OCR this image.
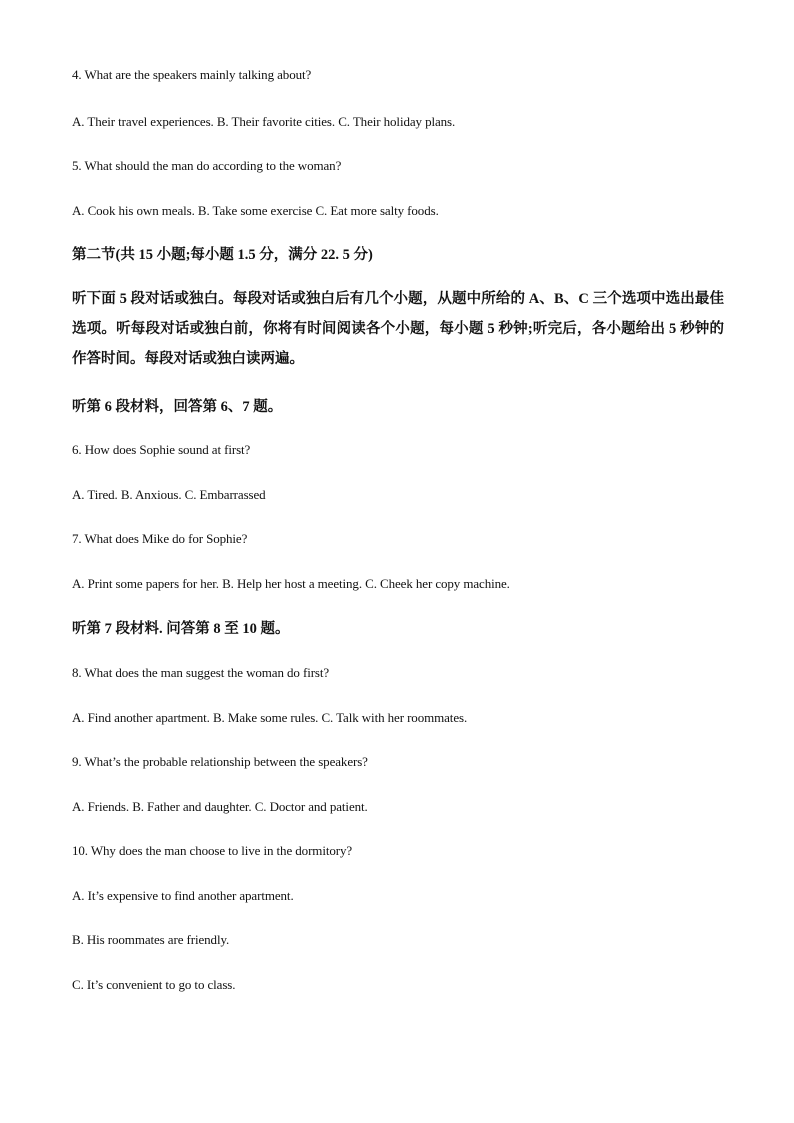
4. What are the speakers mainly talking about?
A. Their travel experiences. B. Their favorite cities. C. Their holiday plans.
5. What should the man do according to the woman?
A. Cook his own meals. B. Take some exercise C. Eat more salty foods.
第二节(共 15 小题;每小题 1.5 分，满分 22. 5 分)
听下面 5 段对话或独白。每段对话或独白后有几个小题，从题中所给的 A、B、C 三个选项中选出最佳选项。听每段对话或独白前，你将有时间阅读各个小题，每小题 5 秒钟;听完后，各小题给出 5 秒钟的作答时间。每段对话或独白读两遍。
听第 6 段材料，回答第 6、7 题。
6. How does Sophie sound at first?
A. Tired. B. Anxious. C. Embarrassed
7. What does Mike do for Sophie?
A. Print some papers for her. B. Help her host a meeting. C. Cheek her copy machine.
听第 7 段材料. 问答第 8 至 10 题。
8. What does the man suggest the woman do first?
A. Find another apartment. B. Make some rules. C. Talk with her roommates.
9. What’s the probable relationship between the speakers?
A. Friends. B. Father and daughter. C. Doctor and patient.
10. Why does the man choose to live in the dormitory?
A. It’s expensive to find another apartment.
B. His roommates are friendly.
C. It’s convenient to go to class.
